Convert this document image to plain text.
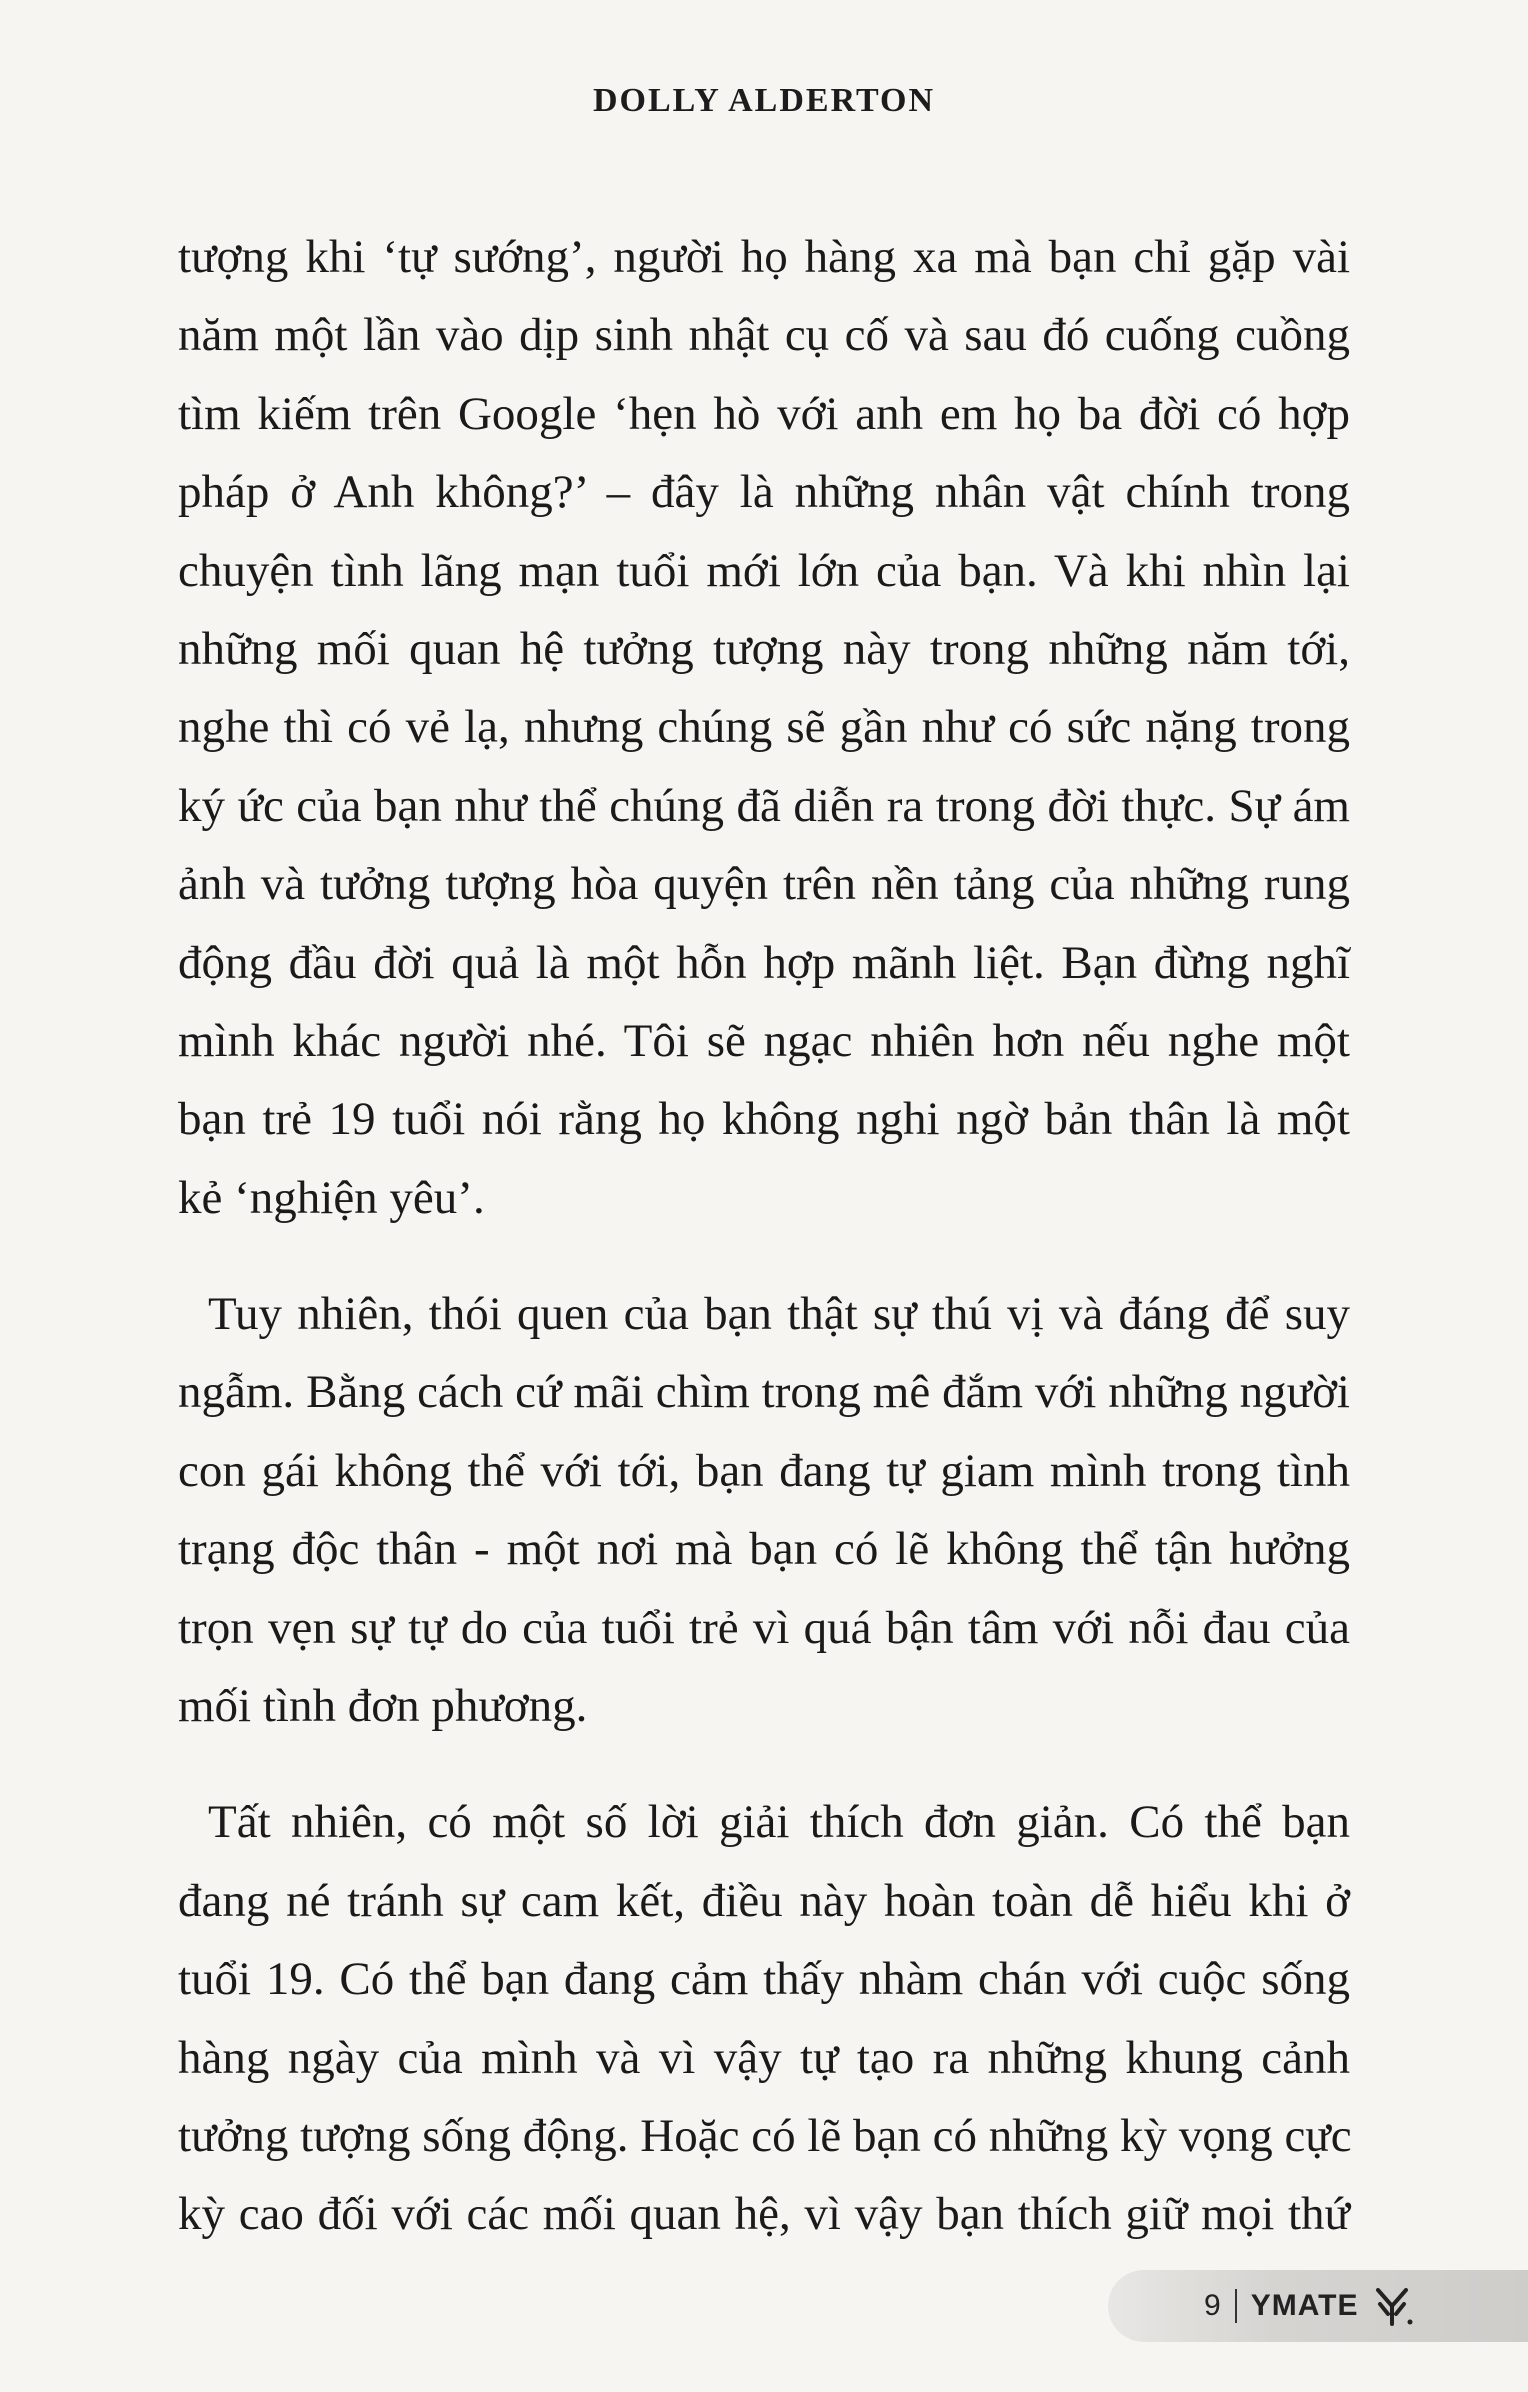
DOLLY ALDERTON
tượng khi ‘tự sướng’, người họ hàng xa mà bạn chỉ gặp vài
năm một lần vào dịp sinh nhật cụ cố và sau đó cuống cuồng
tìm kiếm trên Google ‘hẹn hò với anh em họ ba đời có hợp
pháp ở Anh không?’ – đây là những nhân vật chính trong
chuyện tình lãng mạn tuổi mới lớn của bạn. Và khi nhìn lại
những mối quan hệ tưởng tượng này trong những năm tới,
nghe thì có vẻ lạ, nhưng chúng sẽ gần như có sức nặng trong
ký ức của bạn như thể chúng đã diễn ra trong đời thực. Sự ám
ảnh và tưởng tượng hòa quyện trên nền tảng của những rung
động đầu đời quả là một hỗn hợp mãnh liệt. Bạn đừng nghĩ
mình khác người nhé. Tôi sẽ ngạc nhiên hơn nếu nghe một
bạn trẻ 19 tuổi nói rằng họ không nghi ngờ bản thân là một
kẻ ‘nghiện yêu’.
Tuy nhiên, thói quen của bạn thật sự thú vị và đáng để suy
ngẫm. Bằng cách cứ mãi chìm trong mê đắm với những người
con gái không thể với tới, bạn đang tự giam mình trong tình
trạng độc thân - một nơi mà bạn có lẽ không thể tận hưởng
trọn vẹn sự tự do của tuổi trẻ vì quá bận tâm với nỗi đau của
mối tình đơn phương.
Tất nhiên, có một số lời giải thích đơn giản. Có thể bạn
đang né tránh sự cam kết, điều này hoàn toàn dễ hiểu khi ở
tuổi 19. Có thể bạn đang cảm thấy nhàm chán với cuộc sống
hàng ngày của mình và vì vậy tự tạo ra những khung cảnh
tưởng tượng sống động. Hoặc có lẽ bạn có những kỳ vọng cực
kỳ cao đối với các mối quan hệ, vì vậy bạn thích giữ mọi thứ
9 YMATE
